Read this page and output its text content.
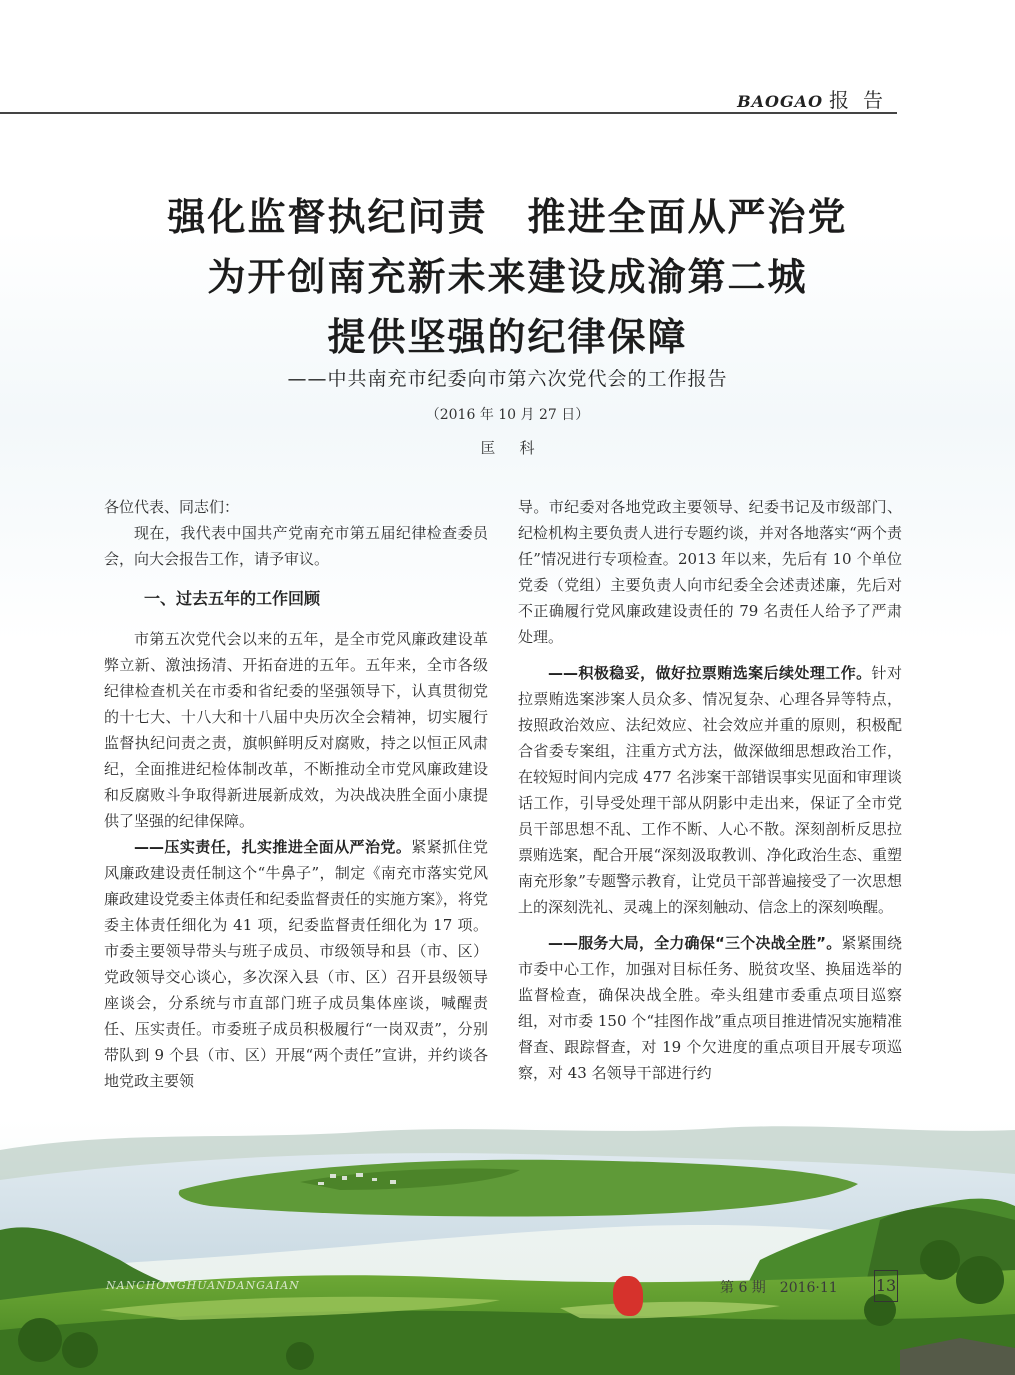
BAOGAO 报告
强化监督执纪问责　推进全面从严治党
为开创南充新未来建设成渝第二城
提供坚强的纪律保障
——中共南充市纪委向市第六次党代会的工作报告
（2016 年 10 月 27 日）
匡科

各位代表、同志们：

现在，我代表中国共产党南充市第五届纪律检查委员会，向大会报告工作，请予审议。

一、过去五年的工作回顾

市第五次党代会以来的五年，是全市党风廉政建设革弊立新、激浊扬清、开拓奋进的五年。五年来，全市各级纪律检查机关在市委和省纪委的坚强领导下，认真贯彻党的十七大、十八大和十八届中央历次全会精神，切实履行监督执纪问责之责，旗帜鲜明反对腐败，持之以恒正风肃纪，全面推进纪检体制改革，不断推动全市党风廉政建设和反腐败斗争取得新进展新成效，为决战决胜全面小康提供了坚强的纪律保障。

——压实责任，扎实推进全面从严治党。紧紧抓住党风廉政建设责任制这个“牛鼻子”，制定《南充市落实党风廉政建设党委主体责任和纪委监督责任的实施方案》，将党委主体责任细化为 41 项，纪委监督责任细化为 17 项。市委主要领导带头与班子成员、市级领导和县（市、区）党政领导交心谈心，多次深入县（市、区）召开县级领导座谈会，分系统与市直部门班子成员集体座谈，喊醒责任、压实责任。市委班子成员积极履行“一岗双责”，分别带队到 9 个县（市、区）开展“两个责任”宣讲，并约谈各地党政主要领

导。市纪委对各地党政主要领导、纪委书记及市级部门、纪检机构主要负责人进行专题约谈，并对各地落实“两个责任”情况进行专项检查。2013 年以来，先后有 10 个单位党委（党组）主要负责人向市纪委全会述责述廉，先后对不正确履行党风廉政建设责任的 79 名责任人给予了严肃处理。

——积极稳妥，做好拉票贿选案后续处理工作。针对拉票贿选案涉案人员众多、情况复杂、心理各异等特点，按照政治效应、法纪效应、社会效应并重的原则，积极配合省委专案组，注重方式方法，做深做细思想政治工作，在较短时间内完成 477 名涉案干部错误事实见面和审理谈话工作，引导受处理干部从阴影中走出来，保证了全市党员干部思想不乱、工作不断、人心不散。深刻剖析反思拉票贿选案，配合开展“深刻汲取教训、净化政治生态、重塑南充形象”专题警示教育，让党员干部普遍接受了一次思想上的深刻洗礼、灵魂上的深刻触动、信念上的深刻唤醒。

——服务大局，全力确保“三个决战全胜”。紧紧围绕市委中心工作，加强对目标任务、脱贫攻坚、换届选举的监督检查，确保决战全胜。牵头组建市委重点项目巡察组，对市委 150 个“挂图作战”重点项目推进情况实施精准督查、跟踪督查，对 19 个欠进度的重点项目开展专项巡察，对 43 名领导干部进行约

NANCHONGHUANDANGAIAN	第 6 期　2016·11 13
